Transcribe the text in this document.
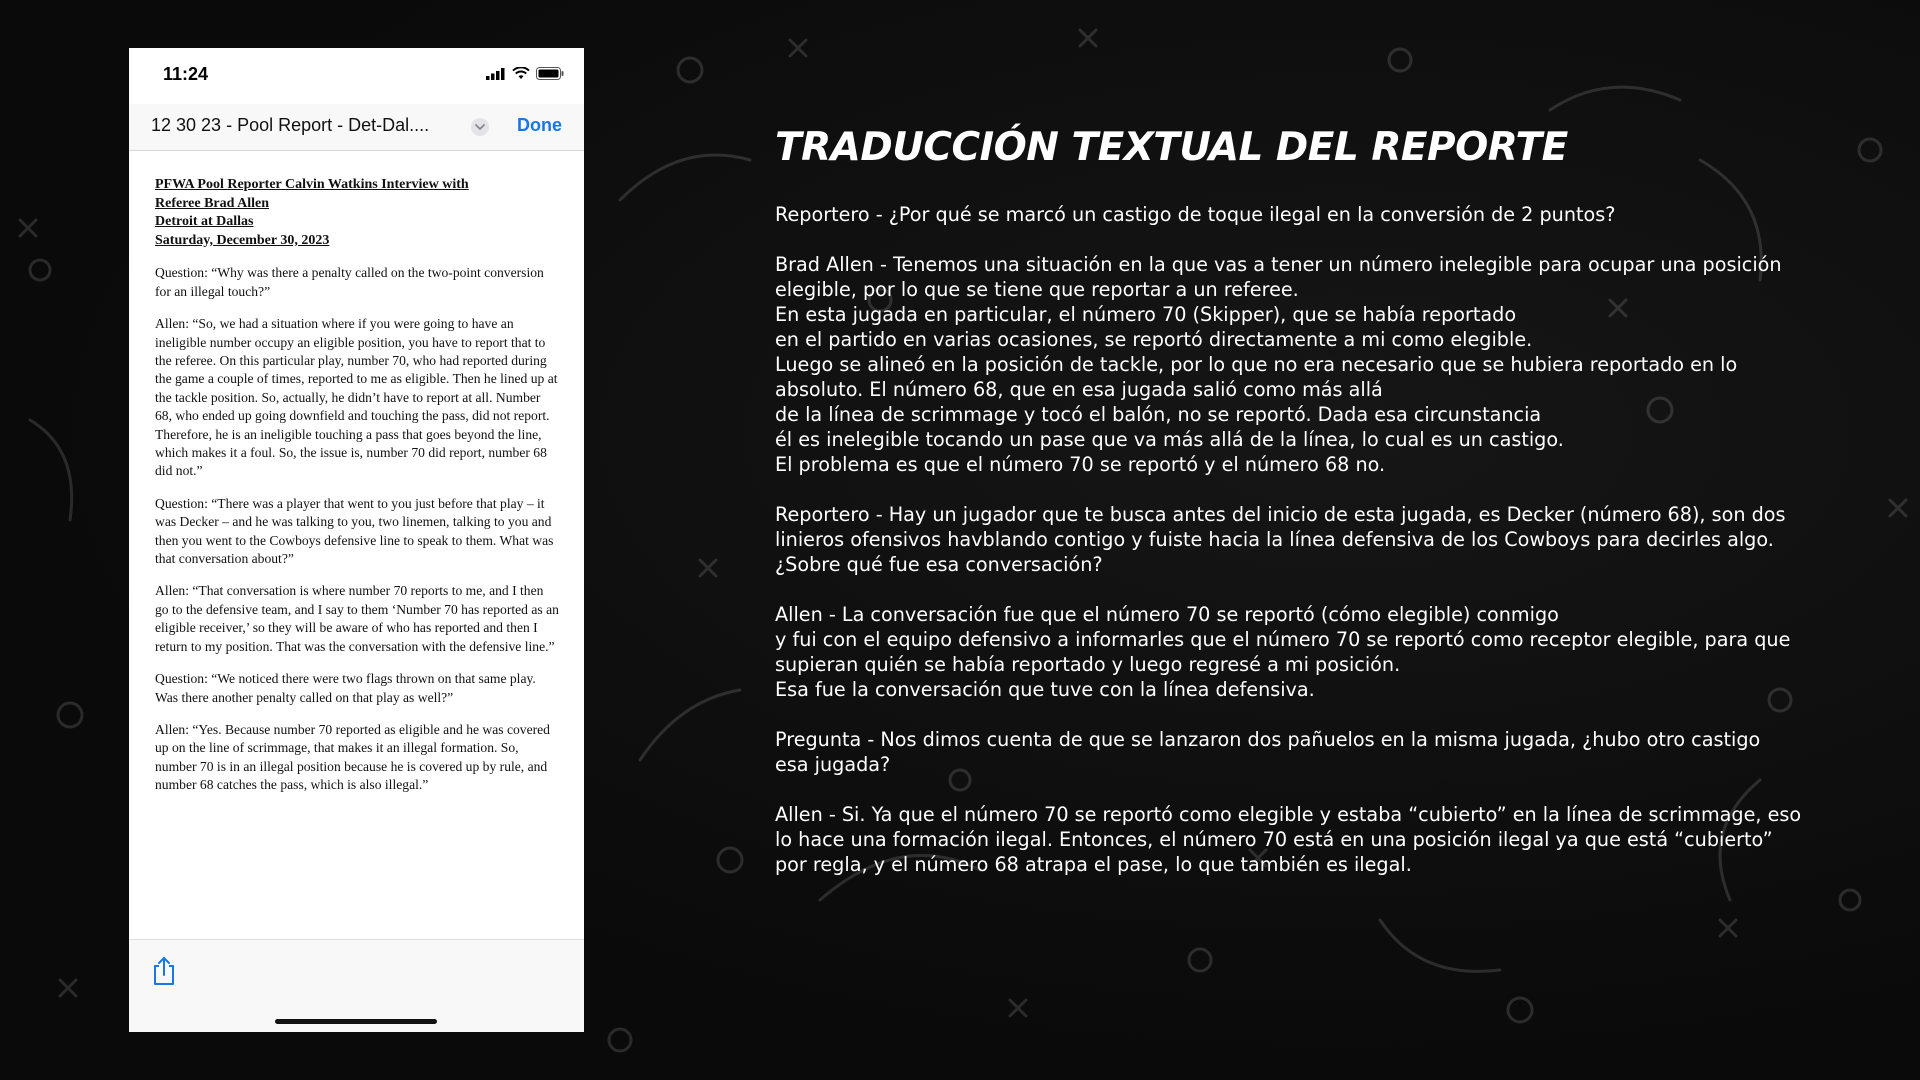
11:24
12 30 23 - Pool Report - Det-Dal....	Done
PFWA Pool Reporter Calvin Watkins Interview with
Referee Brad Allen
Detroit at Dallas
Saturday, December 30, 2023

Question: “Why was there a penalty called on the two-point conversion for an illegal touch?”

Allen: “So, we had a situation where if you were going to have an ineligible number occupy an eligible position, you have to report that to the referee. On this particular play, number 70, who had reported during the game a couple of times, reported to me as eligible. Then he lined up at the tackle position. So, actually, he didn’t have to report at all. Number 68, who ended up going downfield and touching the pass, did not report. Therefore, he is an ineligible touching a pass that goes beyond the line, which makes it a foul. So, the issue is, number 70 did report, number 68 did not.”

Question: “There was a player that went to you just before that play – it was Decker – and he was talking to you, two linemen, talking to you and then you went to the Cowboys defensive line to speak to them. What was that conversation about?”

Allen: “That conversation is where number 70 reports to me, and I then go to the defensive team, and I say to them ‘Number 70 has reported as an eligible receiver,’ so they will be aware of who has reported and then I return to my position. That was the conversation with the defensive line.”

Question: “We noticed there were two flags thrown on that same play. Was there another penalty called on that play as well?”

Allen: “Yes. Because number 70 reported as eligible and he was covered up on the line of scrimmage, that makes it an illegal formation. So, number 70 is in an illegal position because he is covered up by rule, and number 68 catches the pass, which is also illegal.”

TRADUCCIÓN TEXTUAL DEL REPORTE

Reportero - ¿Por qué se marcó un castigo de toque ilegal en la conversión de 2 puntos?

Brad Allen - Tenemos una situación en la que vas a tener un número inelegible para ocupar una posición
elegible, por lo que se tiene que reportar a un referee.
En esta jugada en particular, el número 70 (Skipper), que se había reportado
en el partido en varias ocasiones, se reportó directamente a mi como elegible.
Luego se alineó en la posición de tackle, por lo que no era necesario que se hubiera reportado en lo
absoluto. El número 68, que en esa jugada salió como más allá
de la línea de scrimmage y tocó el balón, no se reportó. Dada esa circunstancia
él es inelegible tocando un pase que va más allá de la línea, lo cual es un castigo.
El problema es que el número 70 se reportó y el número 68 no.

Reportero - Hay un jugador que te busca antes del inicio de esta jugada, es Decker (número 68), son dos
linieros ofensivos havblando contigo y fuiste hacia la línea defensiva de los Cowboys para decirles algo.
¿Sobre qué fue esa conversación?

Allen - La conversación fue que el número 70 se reportó (cómo elegible) conmigo
y fui con el equipo defensivo a informarles que el número 70 se reportó como receptor elegible, para que
supieran quién se había reportado y luego regresé a mi posición.
Esa fue la conversación que tuve con la línea defensiva.

Pregunta - Nos dimos cuenta de que se lanzaron dos pañuelos en la misma jugada, ¿hubo otro castigo
esa jugada?

Allen - Si. Ya que el número 70 se reportó como elegible y estaba “cubierto” en la línea de scrimmage, eso
lo hace una formación ilegal. Entonces, el número 70 está en una posición ilegal ya que está “cubierto”
por regla, y el número 68 atrapa el pase, lo que también es ilegal.
